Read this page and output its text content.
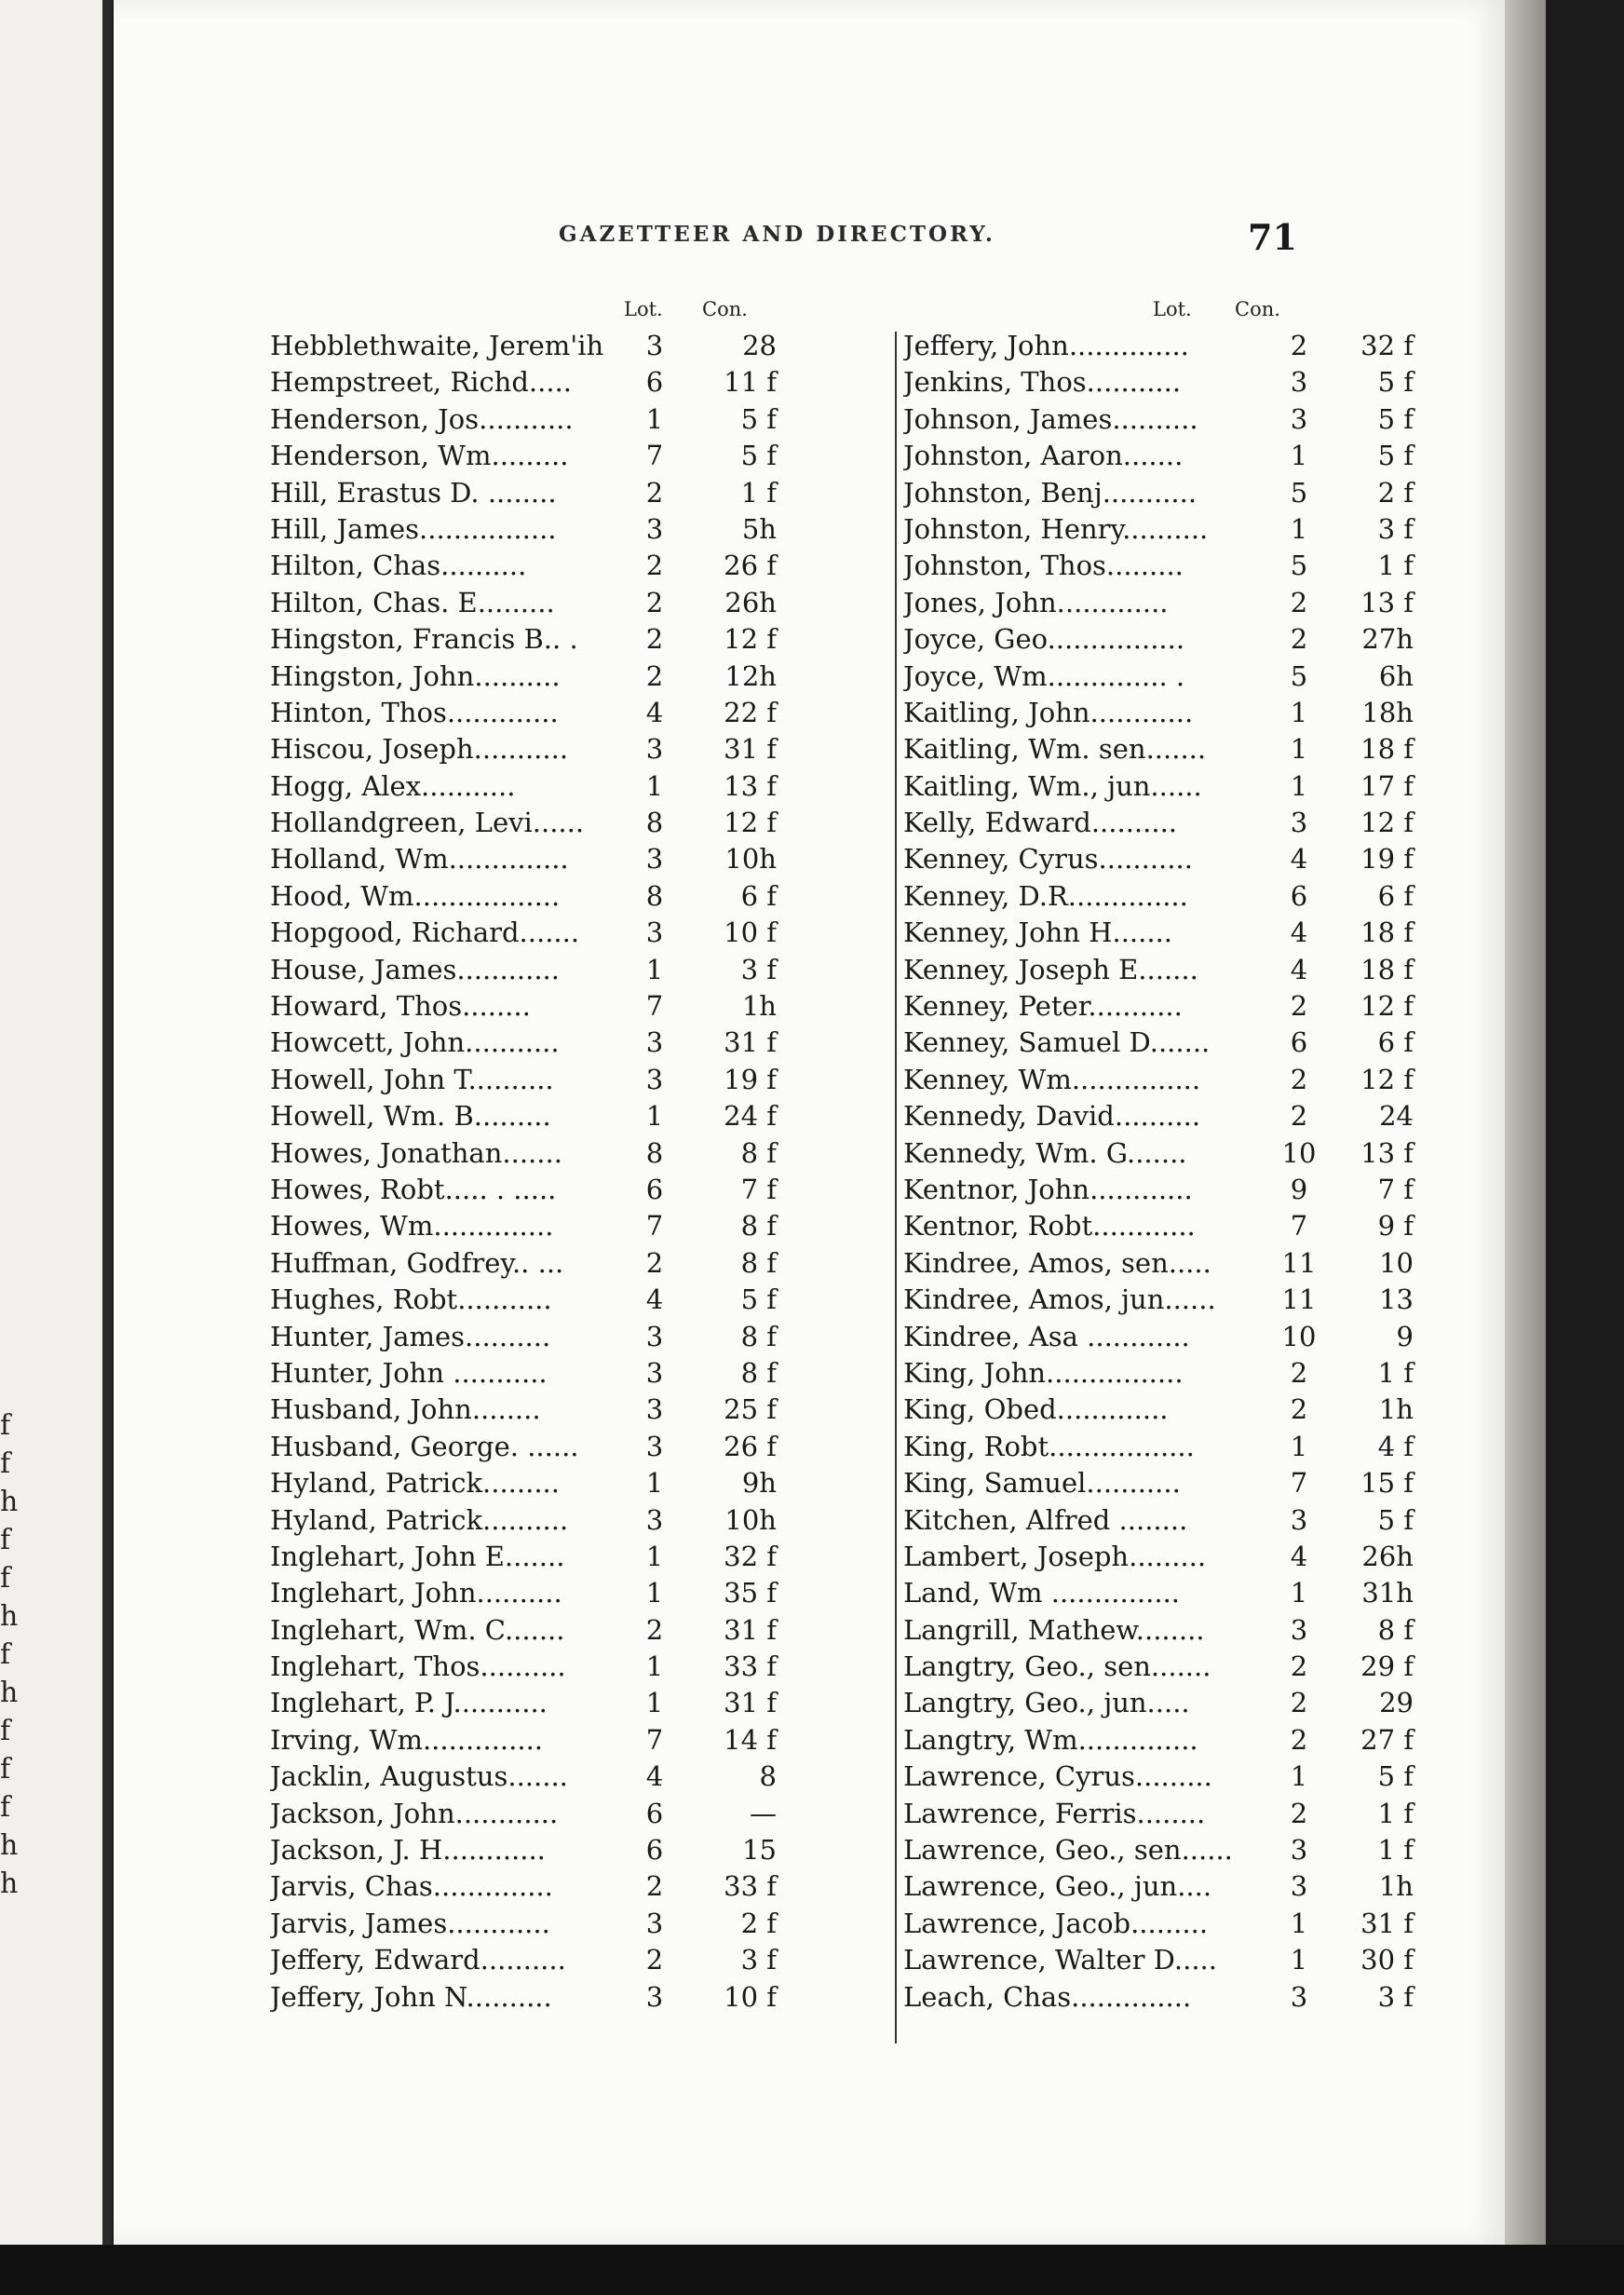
f
f
h
f
f
h
f
h
f
f
f
h
h
GAZETTEER AND DIRECTORY.	71
Lot. Con.	Lot. Con.
Hebblethwaite, Jerem'ih	3	28
Hempstreet, Richd.....	6	11 f
Henderson, Jos...........	1	5 f
Henderson, Wm.........	7	5 f
Hill, Erastus D. ........	2	1 f
Hill, James................	3	5h
Hilton, Chas..........	2	26 f
Hilton, Chas. E.........	2	26h
Hingston, Francis B.. .	2	12 f
Hingston, John..........	2	12h
Hinton, Thos.............	4	22 f
Hiscou, Joseph...........	3	31 f
Hogg, Alex...........	1	13 f
Hollandgreen, Levi......	8	12 f
Holland, Wm..............	3	10h
Hood, Wm.................	8	6 f
Hopgood, Richard.......	3	10 f
House, James............	1	3 f
Howard, Thos........	7	1h
Howcett, John...........	3	31 f
Howell, John T..........	3	19 f
Howell, Wm. B.........	1	24 f
Howes, Jonathan.......	8	8 f
Howes, Robt..... . .....	6	7 f
Howes, Wm..............	7	8 f
Huffman, Godfrey.. ...	2	8 f
Hughes, Robt...........	4	5 f
Hunter, James..........	3	8 f
Hunter, John ...........	3	8 f
Husband, John........	3	25 f
Husband, George. ......	3	26 f
Hyland, Patrick.........	1	9h
Hyland, Patrick..........	3	10h
Inglehart, John E.......	1	32 f
Inglehart, John..........	1	35 f
Inglehart, Wm. C.......	2	31 f
Inglehart, Thos..........	1	33 f
Inglehart, P. J...........	1	31 f
Irving, Wm..............	7	14 f
Jacklin, Augustus.......	4	8
Jackson, John............	6	—
Jackson, J. H............	6	15
Jarvis, Chas..............	2	33 f
Jarvis, James............	3	2 f
Jeffery, Edward..........	2	3 f
Jeffery, John N..........	3	10 f
Jeffery, John..............	2	32 f
Jenkins, Thos...........	3	5 f
Johnson, James..........	3	5 f
Johnston, Aaron.......	1	5 f
Johnston, Benj...........	5	2 f
Johnston, Henry..........	1	3 f
Johnston, Thos.........	5	1 f
Jones, John.............	2	13 f
Joyce, Geo................	2	27h
Joyce, Wm.............. .	5	6h
Kaitling, John............	1	18h
Kaitling, Wm. sen.......	1	18 f
Kaitling, Wm., jun......	1	17 f
Kelly, Edward..........	3	12 f
Kenney, Cyrus...........	4	19 f
Kenney, D.R..............	6	6 f
Kenney, John H.......	4	18 f
Kenney, Joseph E.......	4	18 f
Kenney, Peter...........	2	12 f
Kenney, Samuel D.......	6	6 f
Kenney, Wm...............	2	12 f
Kennedy, David..........	2	24
Kennedy, Wm. G.......	10	13 f
Kentnor, John............	9	7 f
Kentnor, Robt............	7	9 f
Kindree, Amos, sen.....	11	10
Kindree, Amos, jun......	11	13
Kindree, Asa ............	10	9
King, John................	2	1 f
King, Obed.............	2	1h
King, Robt.................	1	4 f
King, Samuel...........	7	15 f
Kitchen, Alfred ........	3	5 f
Lambert, Joseph.........	4	26h
Land, Wm ...............	1	31h
Langrill, Mathew........	3	8 f
Langtry, Geo., sen.......	2	29 f
Langtry, Geo., jun.....	2	29
Langtry, Wm..............	2	27 f
Lawrence, Cyrus.........	1	5 f
Lawrence, Ferris........	2	1 f
Lawrence, Geo., sen......	3	1 f
Lawrence, Geo., jun....	3	1h
Lawrence, Jacob.........	1	31 f
Lawrence, Walter D.....	1	30 f
Leach, Chas..............	3	3 f
